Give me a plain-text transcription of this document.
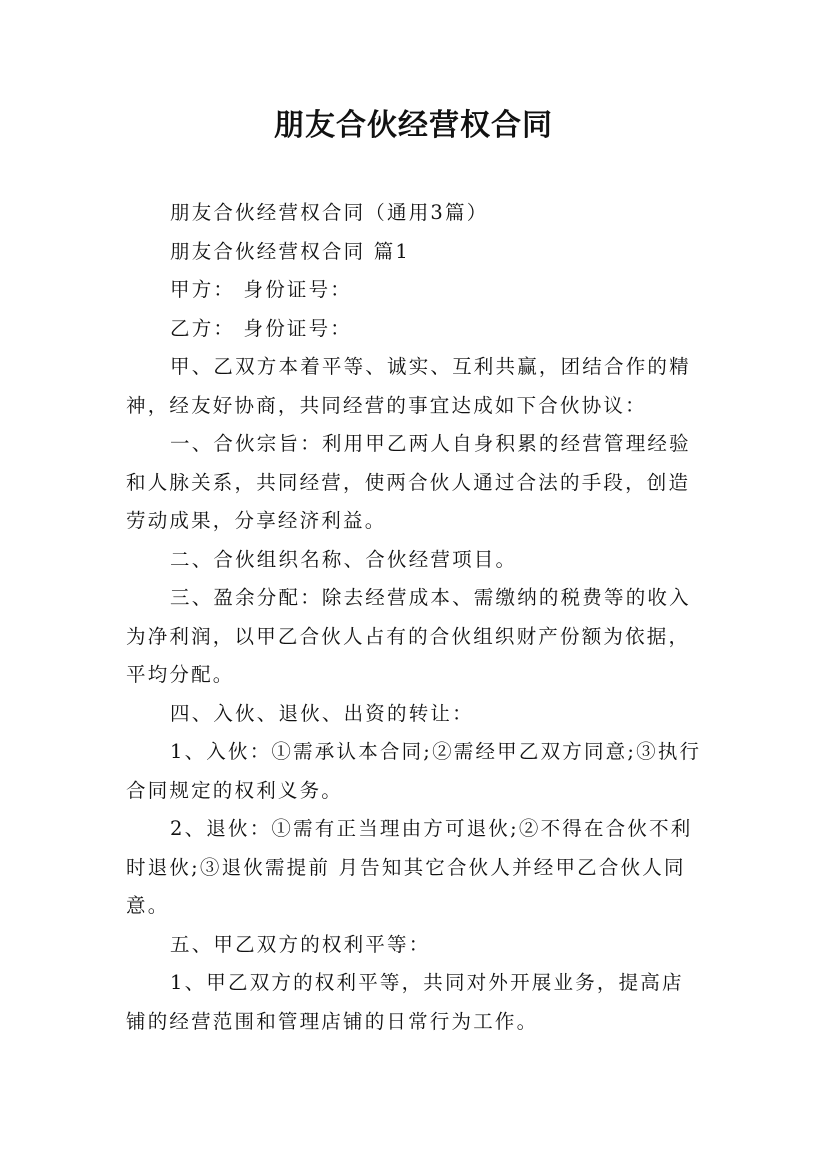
朋友合伙经营权合同
朋友合伙经营权合同（通用3篇）
朋友合伙经营权合同 篇1
甲方： 身份证号：
乙方： 身份证号：
甲、乙双方本着平等、诚实、互利共赢，团结合作的精
神，经友好协商，共同经营的事宜达成如下合伙协议：
一、合伙宗旨：利用甲乙两人自身积累的经营管理经验
和人脉关系，共同经营，使两合伙人通过合法的手段，创造
劳动成果，分享经济利益。
二、合伙组织名称、合伙经营项目。
三、盈余分配：除去经营成本、需缴纳的税费等的收入
为净利润，以甲乙合伙人占有的合伙组织财产份额为依据，
平均分配。
四、入伙、退伙、出资的转让：
1、入伙：①需承认本合同;②需经甲乙双方同意;③执行
合同规定的权利义务。
2、退伙：①需有正当理由方可退伙;②不得在合伙不利
时退伙;③退伙需提前 月告知其它合伙人并经甲乙合伙人同
意。
五、甲乙双方的权利平等：
1、甲乙双方的权利平等，共同对外开展业务，提高店
铺的经营范围和管理店铺的日常行为工作。
